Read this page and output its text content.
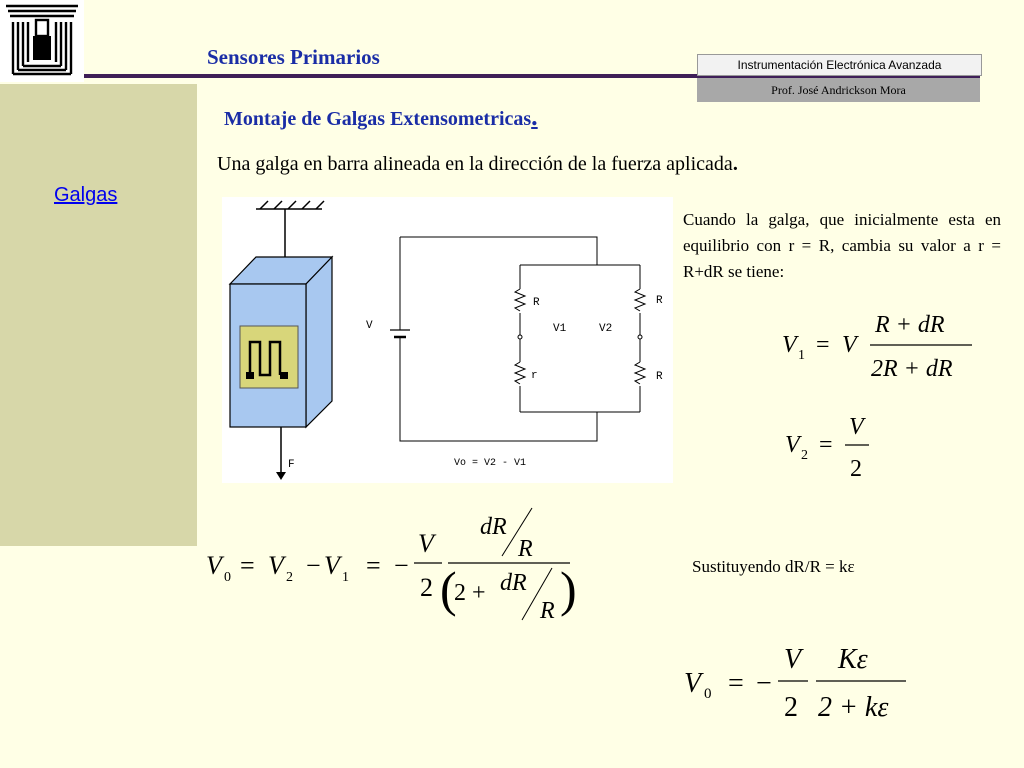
Sensores Primarios	Instrumentación Electrónica Avanzada
Prof. José Andrickson Mora
Montaje de Galgas Extensometricas.
Una galga en barra alineada en la dirección de la fuerza aplicada.
Galgas
F
V
R	R
r	R
V1	V2
Vo = V2 - V1
Cuando la galga, que inicialmente esta en equilibrio con r = R, cambia su valor a r = R+dR se tiene:
V 1 = V
R + dR
2R + dR
V 2 =
V
2
V 0 = V 2 − V 1 = −
V
2
dR
R
(
2 + dR
R )	Sustituyendo dR/R = kε
V 0 = −
V
2
Kε
2 + kε
